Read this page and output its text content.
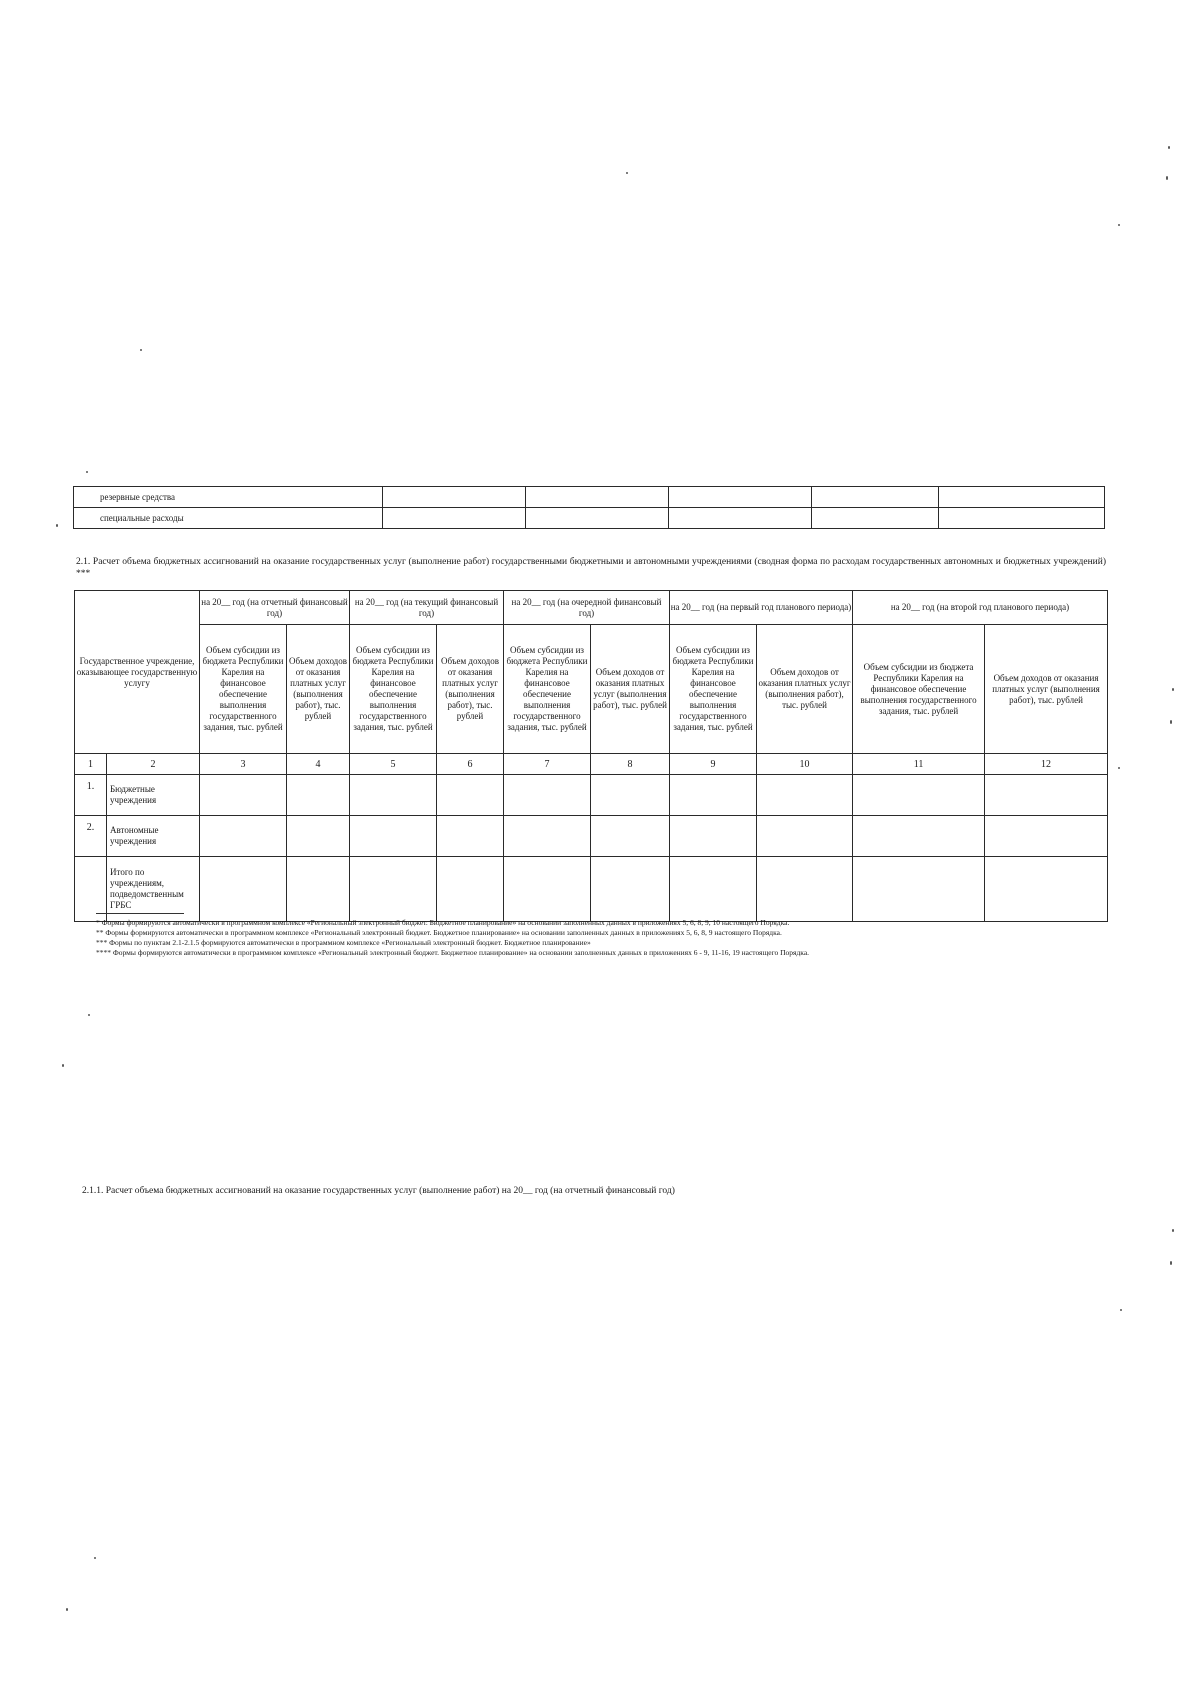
резервные средства					
специальные расходы					
2.1. Расчет объема бюджетных ассигнований на оказание государственных услуг (выполнение работ) государственными бюджетными и автономными учреждениями (сводная форма по расходам государственных автономных и бюджетных учреждений) ***
Государственное учреждение, оказывающее государственную услугу		на 20__ год (на отчетный финансовый год)		на 20__ год (на текущий финансовый год)		на 20__ год (на очередной финансовый год)		на 20__ год (на первый год планового периода)		на 20__ год (на второй год планового периода)	
		Объем субсидии из бюджета Республики Карелия на финансовое обеспечение выполнения государственного задания, тыс. рублей	Объем доходов от оказания платных услуг (выполнения работ), тыс. рублей	Объем субсидии из бюджета Республики Карелия на финансовое обеспечение выполнения государственного задания, тыс. рублей	Объем доходов от оказания платных услуг (выполнения работ), тыс. рублей	Объем субсидии из бюджета Республики Карелия на финансовое обеспечение выполнения государственного задания, тыс. рублей	Объем доходов от оказания платных услуг (выполнения работ), тыс. рублей	Объем субсидии из бюджета Республики Карелия на финансовое обеспечение выполнения государственного задания, тыс. рублей	Объем доходов от оказания платных услуг (выполнения работ), тыс. рублей	Объем субсидии из бюджета Республики Карелия на финансовое обеспечение выполнения государственного задания, тыс. рублей	Объем доходов от оказания платных услуг (выполнения работ), тыс. рублей
1	2	3	4	5	6	7	8	9	10	11	12
1.	Бюджетные учреждения										
2.	Автономные учреждения										
	Итого по учреждениям, подведомственным ГРБС										
* Формы формируются автоматически в программном комплексе «Региональный электронный бюджет. Бюджетное планирование» на основании заполненных данных в приложениях 5, 6, 8, 9, 10 настоящего Порядка.
** Формы формируются автоматически в программном комплексе «Региональный электронный бюджет. Бюджетное планирование» на основании заполненных данных в приложениях 5, 6, 8, 9 настоящего Порядка.
*** Формы по пунктам 2.1-2.1.5 формируются автоматически в программном комплексе «Региональный электронный бюджет. Бюджетное планирование»
**** Формы формируются автоматически в программном комплексе «Региональный электронный бюджет. Бюджетное планирование» на основании заполненных данных в приложениях 6 - 9, 11-16, 19 настоящего Порядка.
2.1.1. Расчет объема бюджетных ассигнований на оказание государственных услуг (выполнение работ) на 20__ год (на отчетный финансовый год)
